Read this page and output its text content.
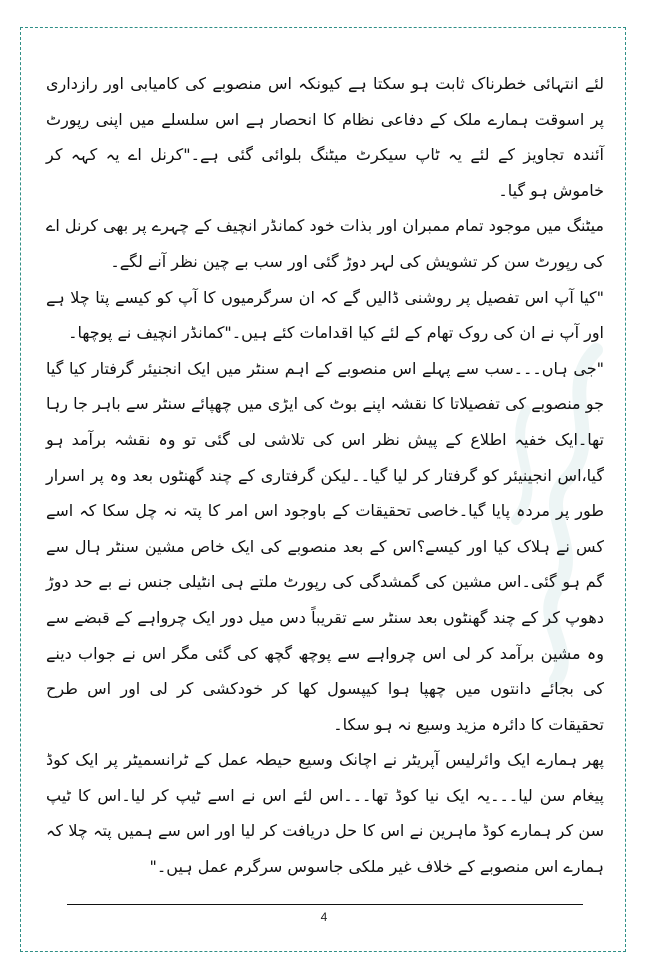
لئے انتہائی خطرناک ثابت ہو سکتا ہے کیونکہ اس منصوبے کی کامیابی اور رازداری پر اسوقت ہمارے ملک کے دفاعی نظام کا انحصار ہے اس سلسلے میں اپنی رپورٹ آئندہ تجاویز کے لئے یہ ٹاپ سیکرٹ میٹنگ بلوائی گئی ہے۔"کرنل اے یہ کہہ کر خاموش ہو گیا۔

میٹنگ میں موجود تمام ممبران اور بذات خود کمانڈر انچیف کے چہرے پر بھی کرنل اے کی رپورٹ سن کر تشویش کی لہر دوڑ گئی اور سب بے چین نظر آنے لگے۔

"کیا آپ اس تفصیل پر روشنی ڈالیں گے کہ ان سرگرمیوں کا آپ کو کیسے پتا چلا ہے اور آپ نے ان کی روک تھام کے لئے کیا اقدامات کئے ہیں۔"کمانڈر انچیف نے پوچھا۔

"جی ہاں۔۔۔سب سے پہلے اس منصوبے کے اہم سنٹر میں ایک انجنیئر گرفتار کیا گیا جو منصوبے کی تفصیلاتا کا نقشہ اپنے بوٹ کی ایڑی میں چھپائے سنٹر سے باہر جا رہا تھا۔ایک خفیہ اطلاع کے پیش نظر اس کی تلاشی لی گئی تو وہ نقشہ برآمد ہو گیا،اس انجینیئر کو گرفتار کر لیا گیا۔۔لیکن گرفتاری کے چند گھنٹوں بعد وہ پر اسرار طور پر مردہ پایا گیا۔خاصی تحقیقات کے باوجود اس امر کا پتہ نہ چل سکا کہ اسے کس نے ہلاک کیا اور کیسے؟اس کے بعد منصوبے کی ایک خاص مشین سنٹر ہال سے گم ہو گئی۔اس مشین کی گمشدگی کی رپورٹ ملتے ہی انٹیلی جنس نے بے حد دوڑ دھوپ کر کے چند گھنٹوں بعد سنٹر سے تقریباً دس میل دور ایک چرواہے کے قبضے سے وہ مشین برآمد کر لی اس چرواہے سے پوچھ گچھ کی گئی مگر اس نے جواب دینے کی بجائے دانتوں میں چھپا ہوا کیپسول کھا کر خودکشی کر لی اور اس طرح تحقیقات کا دائرہ مزید وسیع نہ ہو سکا۔

پھر ہمارے ایک وائرلیس آپریٹر نے اچانک وسیع حیطہ عمل کے ٹرانسمیٹر پر ایک کوڈ پیغام سن لیا۔۔۔یہ ایک نیا کوڈ تھا۔۔۔اس لئے اس نے اسے ٹیپ کر لیا۔اس کا ٹیپ سن کر ہمارے کوڈ ماہرین نے اس کا حل دریافت کر لیا اور اس سے ہمیں پتہ چلا کہ ہمارے اس منصوبے کے خلاف غیر ملکی جاسوس سرگرم عمل ہیں۔"

4
